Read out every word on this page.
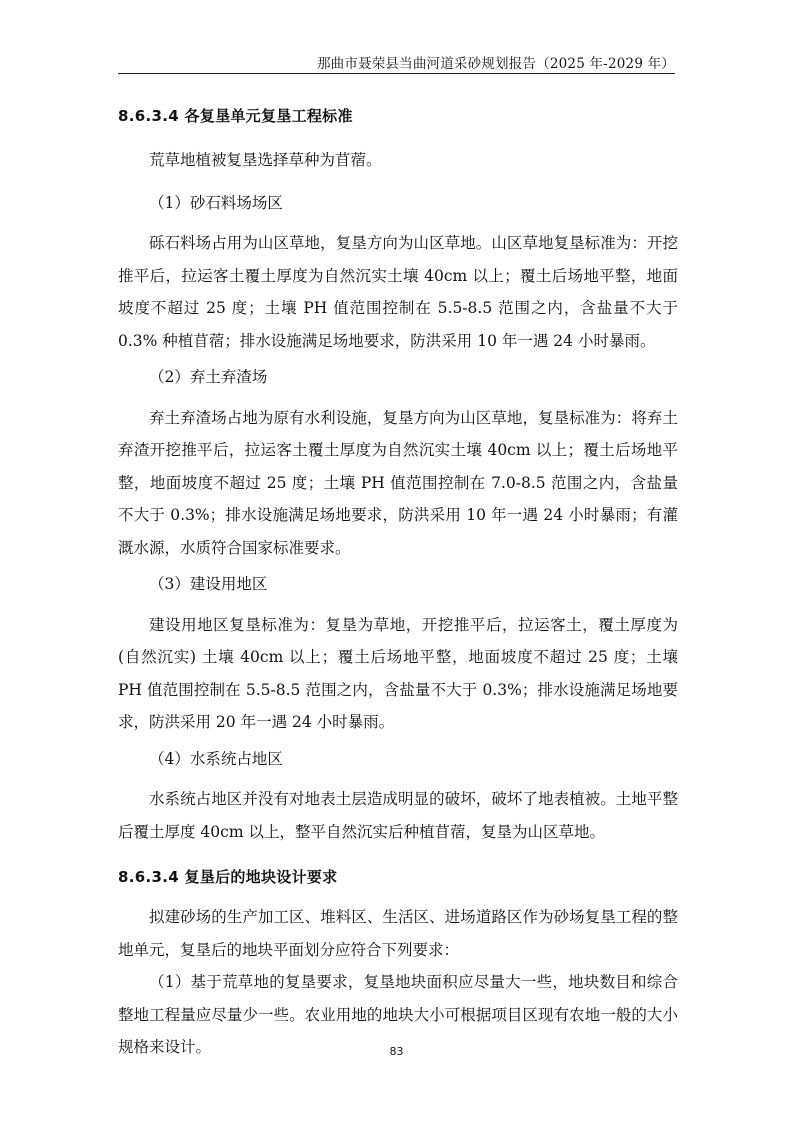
那曲市聂荣县当曲河道采砂规划报告（2025 年-2029 年）
8.6.3.4 各复垦单元复垦工程标准

荒草地植被复垦选择草种为苜蓿。

（1）砂石料场场区

砾石料场占用为山区草地，复垦方向为山区草地。山区草地复垦标准为：开挖推平后，拉运客土覆土厚度为自然沉实土壤 40cm 以上；覆土后场地平整，地面坡度不超过 25 度；土壤 PH 值范围控制在 5.5-8.5 范围之内，含盐量不大于 0.3% 种植苜蓿；排水设施满足场地要求，防洪采用 10 年一遇 24 小时暴雨。

（2）弃土弃渣场

弃土弃渣场占地为原有水利设施，复垦方向为山区草地，复垦标准为：将弃土弃渣开挖推平后，拉运客土覆土厚度为自然沉实土壤 40cm 以上；覆土后场地平整，地面坡度不超过 25 度；土壤 PH 值范围控制在 7.0-8.5 范围之内，含盐量不大于 0.3%；排水设施满足场地要求，防洪采用 10 年一遇 24 小时暴雨；有灌溉水源，水质符合国家标准要求。

（3）建设用地区

建设用地区复垦标准为：复垦为草地，开挖推平后，拉运客土，覆土厚度为 (自然沉实) 土壤 40cm 以上；覆土后场地平整，地面坡度不超过 25 度；土壤 PH 值范围控制在 5.5-8.5 范围之内，含盐量不大于 0.3%；排水设施满足场地要求，防洪采用 20 年一遇 24 小时暴雨。

（4）水系统占地区

水系统占地区并没有对地表土层造成明显的破坏，破坏了地表植被。土地平整后覆土厚度 40cm 以上，整平自然沉实后种植苜蓿，复垦为山区草地。

8.6.3.4 复垦后的地块设计要求

拟建砂场的生产加工区、堆料区、生活区、进场道路区作为砂场复垦工程的整地单元，复垦后的地块平面划分应符合下列要求：

（1）基于荒草地的复垦要求，复垦地块面积应尽量大一些，地块数目和综合整地工程量应尽量少一些。农业用地的地块大小可根据项目区现有农地一般的大小规格来设计。	83
